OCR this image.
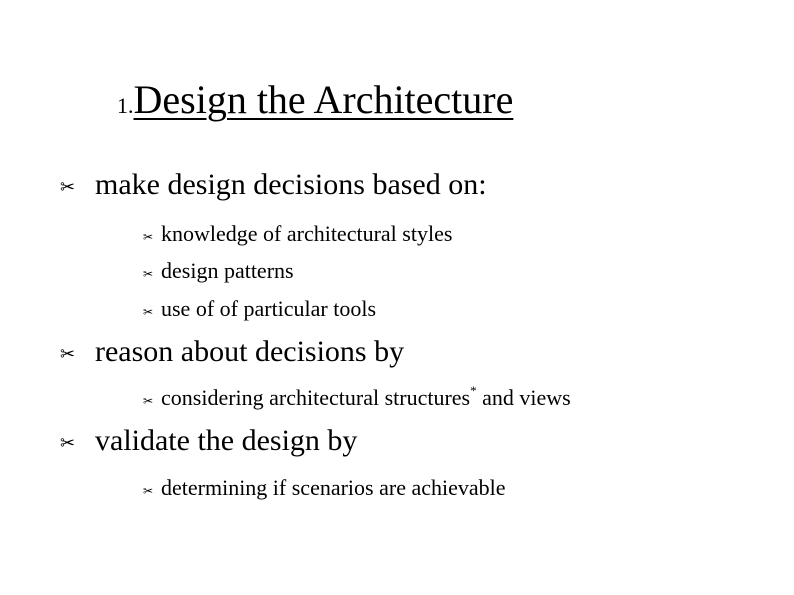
1.Design the Architecture
✂ make design decisions based on:
✂ knowledge of architectural styles
✂ design patterns
✂ use of of particular tools
✂ reason about decisions by
✂ considering architectural structures* and views
✂ validate the design by
✂ determining if scenarios are achievable
